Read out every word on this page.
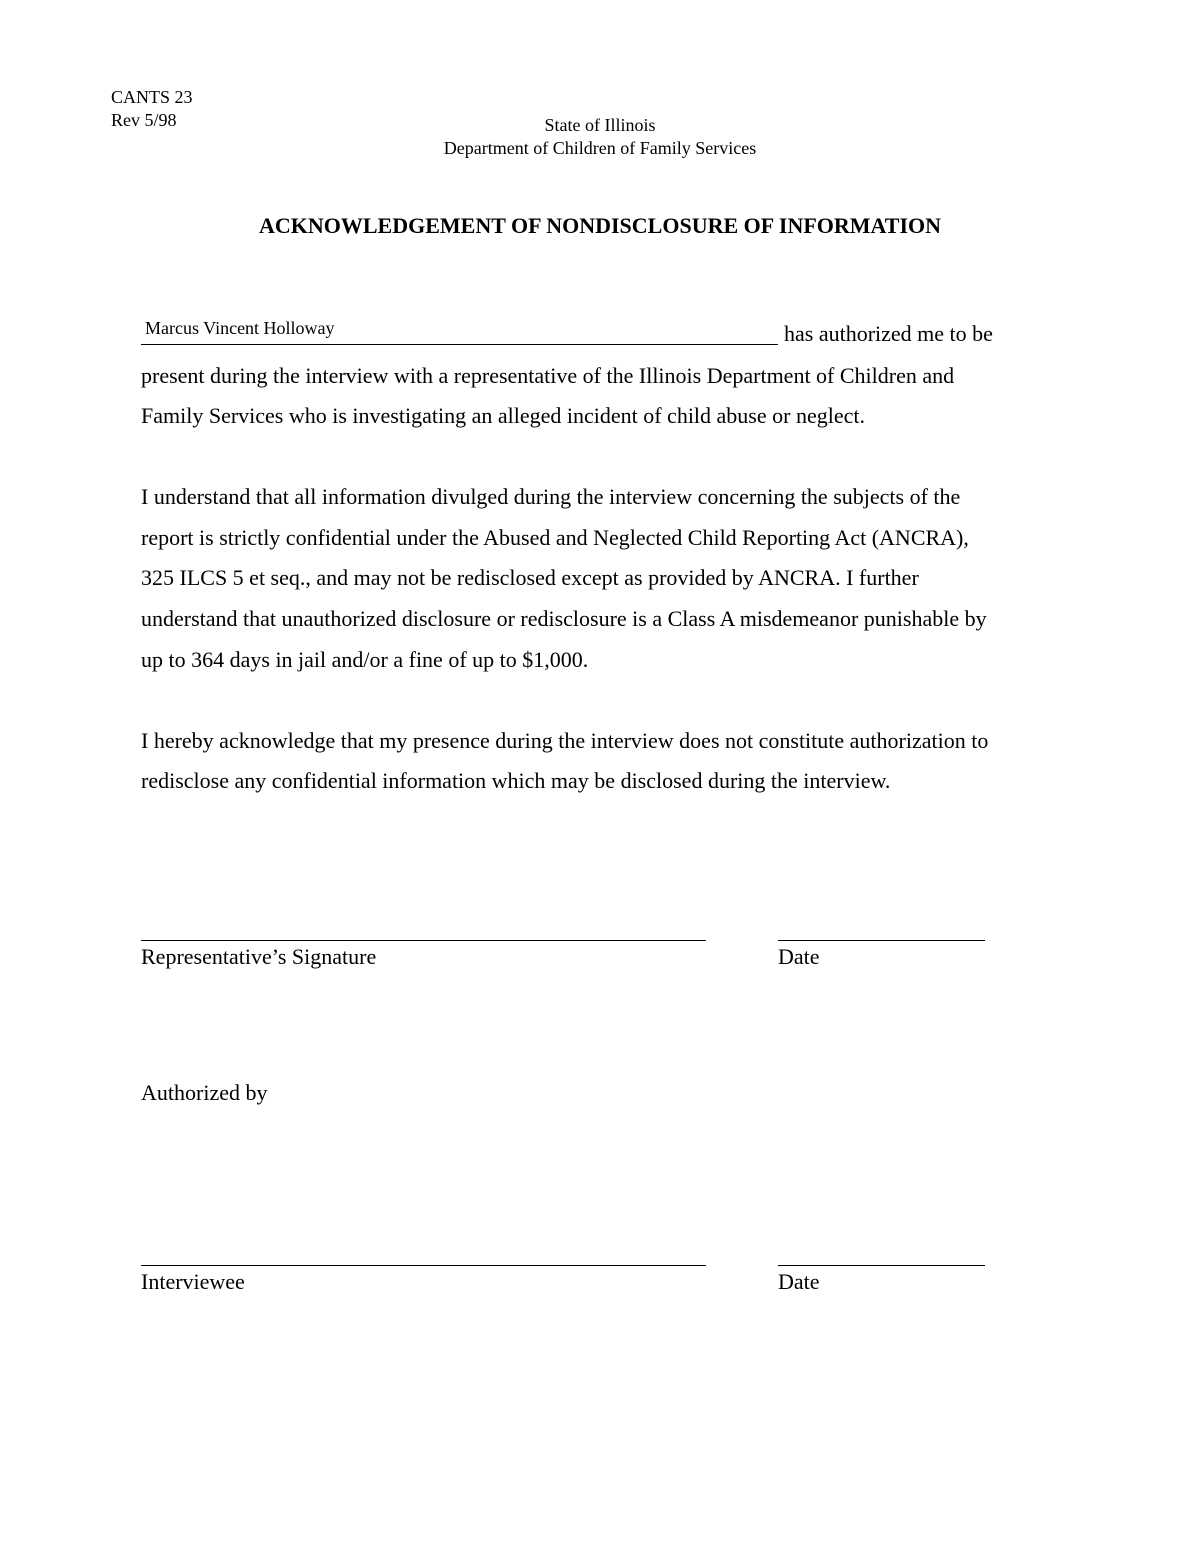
CANTS 23
Rev 5/98	State of Illinois
Department of Children of Family Services
ACKNOWLEDGEMENT OF NONDISCLOSURE OF INFORMATION
Marcus Vincent Holloway	has authorized me to be
present during the interview with a representative of the Illinois Department of Children and
Family Services who is investigating an alleged incident of child abuse or neglect.
I understand that all information divulged during the interview concerning the subjects of the
report is strictly confidential under the Abused and Neglected Child Reporting Act (ANCRA),
325 ILCS 5 et seq., and may not be redisclosed except as provided by ANCRA. I further
understand that unauthorized disclosure or redisclosure is a Class A misdemeanor punishable by
up to 364 days in jail and/or a fine of up to $1,000.
I hereby acknowledge that my presence during the interview does not constitute authorization to
redisclose any confidential information which may be disclosed during the interview.
Representative’s Signature	Date
Authorized by
Interviewee	Date
